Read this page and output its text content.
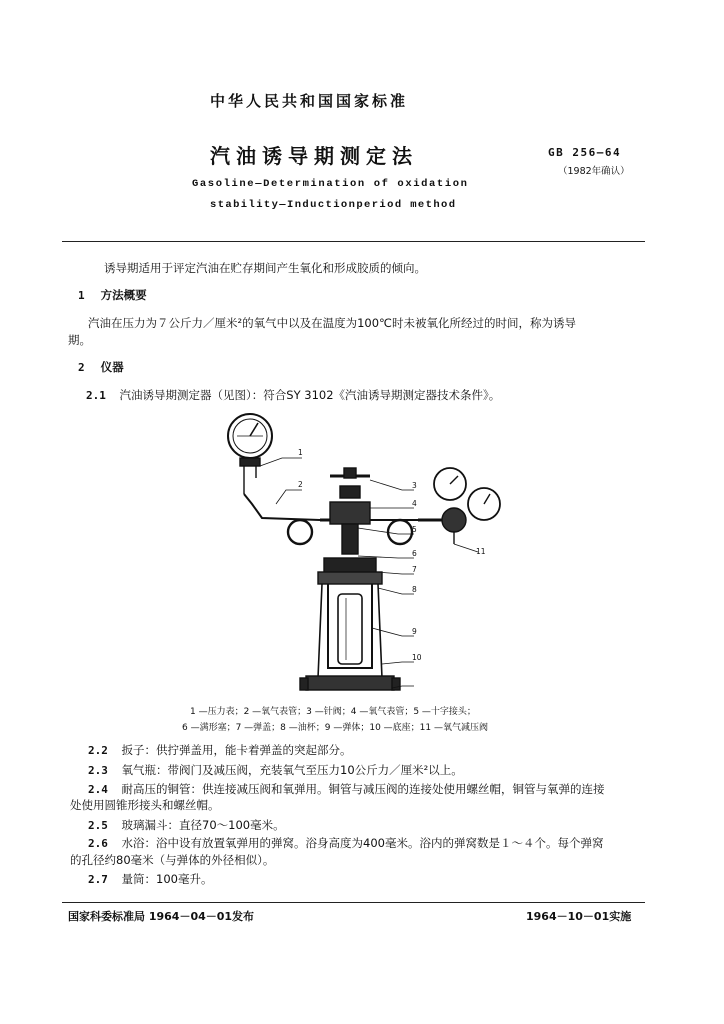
中华人民共和国国家标准
汽油诱导期测定法	GB 256—64
（1982年确认）
Gasoline—Determination of oxidation
stability—Inductionperiod method
诱导期适用于评定汽油在贮存期间产生氧化和形成胶质的倾向。
1 方法概要
汽油在压力为７公斤力／厘米²的氧气中以及在温度为100℃时未被氧化所经过的时间，称为诱导
期。
2 仪器
2.1 汽油诱导期测定器（见图）：符合SY 3102《汽油诱导期测定器技术条件》。
1
2	3
4
5
6
7
8
9
10
11
1 —压力表；2 —氧气表管；3 —针阀；4 —氧气表管；5 —十字接头；
6 —满形塞；7 —弹盖；8 —油杯；9 —弹体；10 —底座；11 —氧气减压阀
2.2 扳子：供拧弹盖用，能卡着弹盖的突起部分。
2.3 氧气瓶：带阀门及减压阀，充装氧气至压力10公斤力／厘米²以上。
2.4 耐高压的铜管：供连接减压阀和氧弹用。铜管与减压阀的连接处使用螺丝帽，铜管与氧弹的连接
处使用圆锥形接头和螺丝帽。
2.5 玻璃漏斗：直径70～100毫米。
2.6 水浴：浴中设有放置氧弹用的弹窝。浴身高度为400毫米。浴内的弹窝数是１～４个。每个弹窝
的孔径约80毫米（与弹体的外径相似）。
2.7 量筒：100毫升。
国家科委标准局 1964－04－01发布	1964－10－01实施
